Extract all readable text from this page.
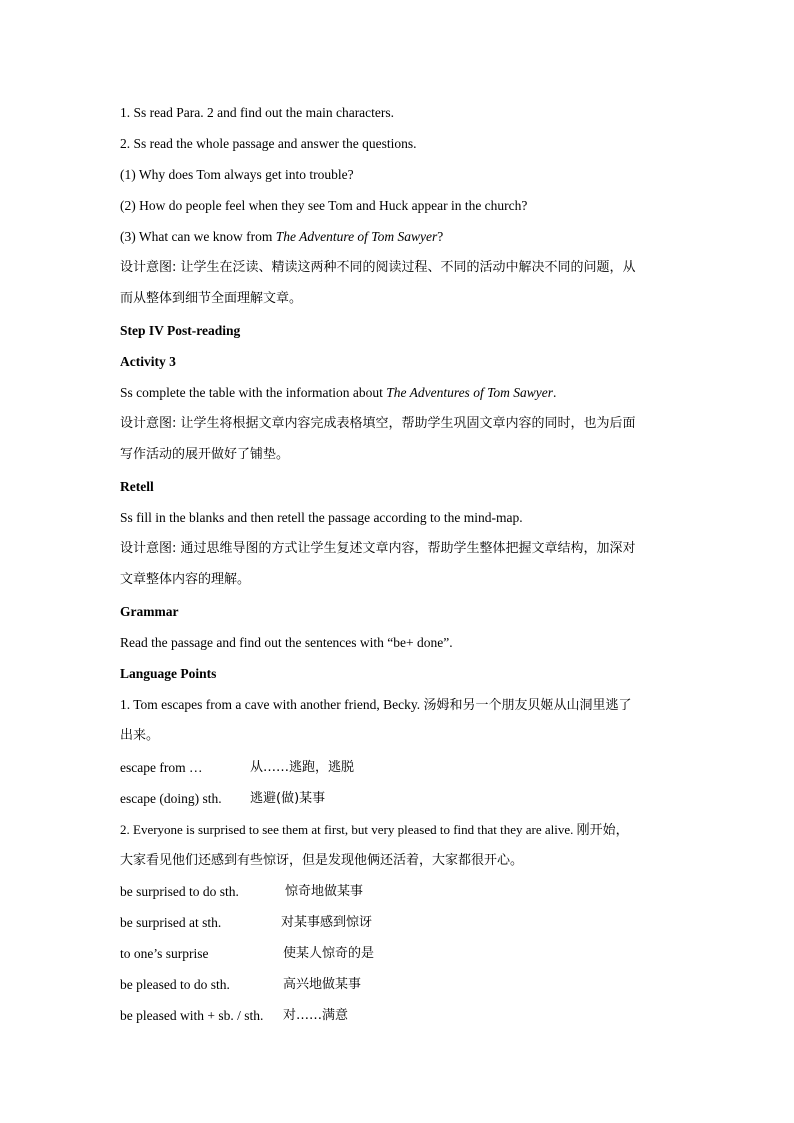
1. Ss read Para. 2 and find out the main characters.
2. Ss read the whole passage and answer the questions.
(1) Why does Tom always get into trouble?
(2) How do people feel when they see Tom and Huck appear in the church?
(3) What can we know from The Adventure of Tom Sawyer?
设计意图: 让学生在泛读、精读这两种不同的阅读过程、不同的活动中解决不同的问题，从
而从整体到细节全面理解文章。
Step IV Post-reading
Activity 3
Ss complete the table with the information about The Adventures of Tom Sawyer.
设计意图: 让学生将根据文章内容完成表格填空，帮助学生巩固文章内容的同时，也为后面
写作活动的展开做好了铺垫。
Retell
Ss fill in the blanks and then retell the passage according to the mind-map.
设计意图: 通过思维导图的方式让学生复述文章内容，帮助学生整体把握文章结构，加深对
文章整体内容的理解。
Grammar
Read the passage and find out the sentences with “be+ done”.
Language Points
1. Tom escapes from a cave with another friend, Becky. 汤姆和另一个朋友贝姬从山洞里逃了
出来。
escape from …	从……逃跑，逃脱
escape (doing) sth. 逃避(做)某事
2. Everyone is surprised to see them at first, but very pleased to find that they are alive. 刚开始，
大家看见他们还感到有些惊讶，但是发现他俩还活着，大家都很开心。
be surprised to do sth.	惊奇地做某事
be surprised at sth.	对某事感到惊讶
to one’s surprise	使某人惊奇的是
be pleased to do sth.	高兴地做某事
be pleased with + sb. / sth. 对……满意
